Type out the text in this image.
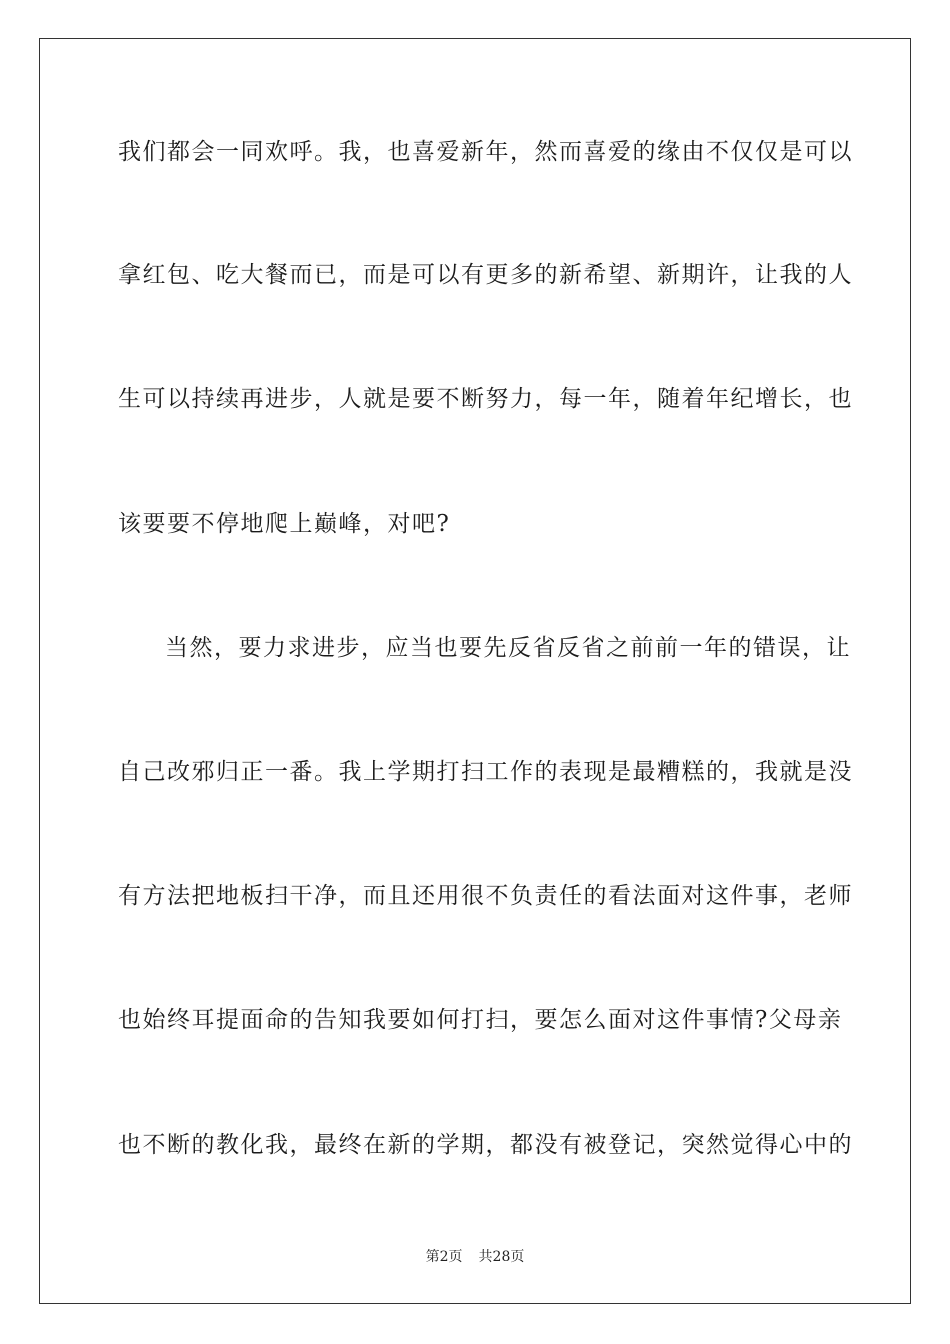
我们都会一同欢呼。我，也喜爱新年，然而喜爱的缘由不仅仅是可以

拿红包、吃大餐而已，而是可以有更多的新希望、新期许，让我的人

生可以持续再进步，人就是要不断努力，每一年，随着年纪增长，也

该要要不停地爬上巅峰，对吧?

当然，要力求进步，应当也要先反省反省之前前一年的错误，让

自己改邪归正一番。我上学期打扫工作的表现是最糟糕的，我就是没

有方法把地板扫干净，而且还用很不负责任的看法面对这件事，老师

也始终耳提面命的告知我要如何打扫，要怎么面对这件事情?父母亲

也不断的教化我，最终在新的学期，都没有被登记，突然觉得心中的

第2页 共28页
